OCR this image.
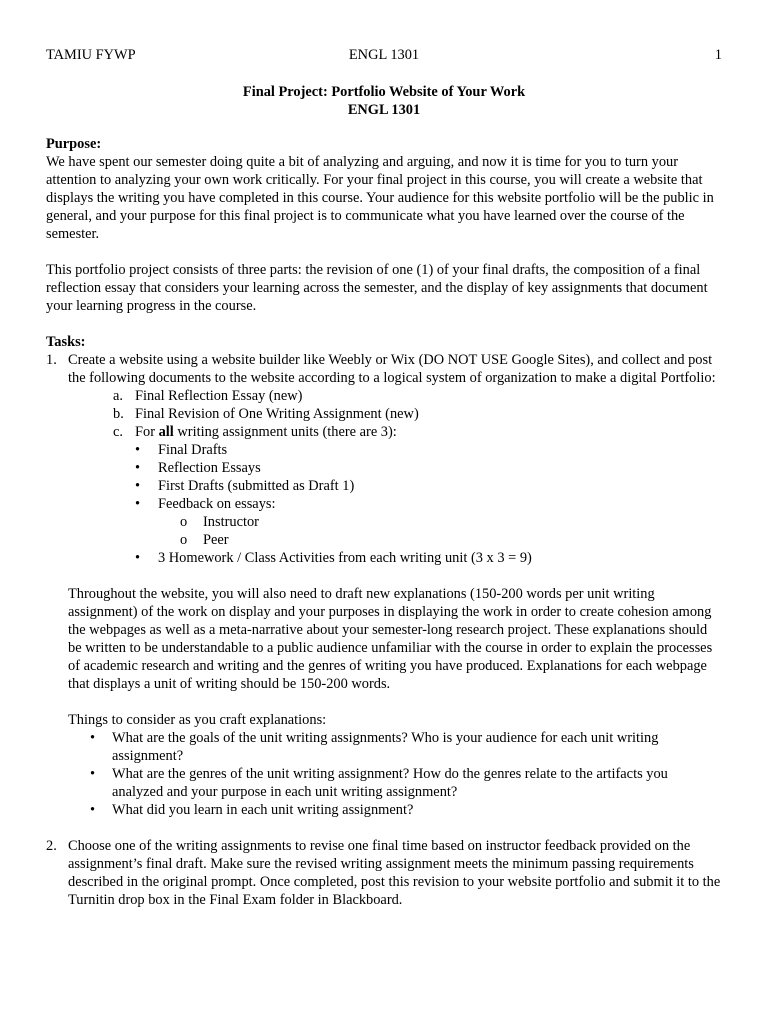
TAMIU FYWP	ENGL 1301	1
Final Project: Portfolio Website of Your Work
ENGL 1301
Purpose:

We have spent our semester doing quite a bit of analyzing and arguing, and now it is time for you to turn your attention to analyzing your own work critically. For your final project in this course, you will create a website that displays the writing you have completed in this course. Your audience for this website portfolio will be the public in general, and your purpose for this final project is to communicate what you have learned over the course of the semester.

This portfolio project consists of three parts: the revision of one (1) of your final drafts, the composition of a final reflection essay that considers your learning across the semester, and the display of key assignments that document your learning progress in the course.

Tasks:
1. Create a website using a website builder like Weebly or Wix (DO NOT USE Google Sites), and collect and post the following documents to the website according to a logical system of organization to make a digital Portfolio:
a. Final Reflection Essay (new)
b. Final Revision of One Writing Assignment (new)
c. For all writing assignment units (there are 3):
• Final Drafts
• Reflection Essays
• First Drafts (submitted as Draft 1)
• Feedback on essays:
o Instructor
o Peer
• 3 Homework / Class Activities from each writing unit (3 x 3 = 9)

Throughout the website, you will also need to draft new explanations (150-200 words per unit writing assignment) of the work on display and your purposes in displaying the work in order to create cohesion among the webpages as well as a meta-narrative about your semester-long research project. These explanations should be written to be understandable to a public audience unfamiliar with the course in order to explain the processes of academic research and writing and the genres of writing you have produced. Explanations for each webpage that displays a unit of writing should be 150-200 words.

Things to consider as you craft explanations:

• What are the goals of the unit writing assignments? Who is your audience for each unit writing assignment?
• What are the genres of the unit writing assignment? How do the genres relate to the artifacts you analyzed and your purpose in each unit writing assignment?
• What did you learn in each unit writing assignment?
2. Choose one of the writing assignments to revise one final time based on instructor feedback provided on the assignment’s final draft. Make sure the revised writing assignment meets the minimum passing requirements described in the original prompt. Once completed, post this revision to your website portfolio and submit it to the Turnitin drop box in the Final Exam folder in Blackboard.
